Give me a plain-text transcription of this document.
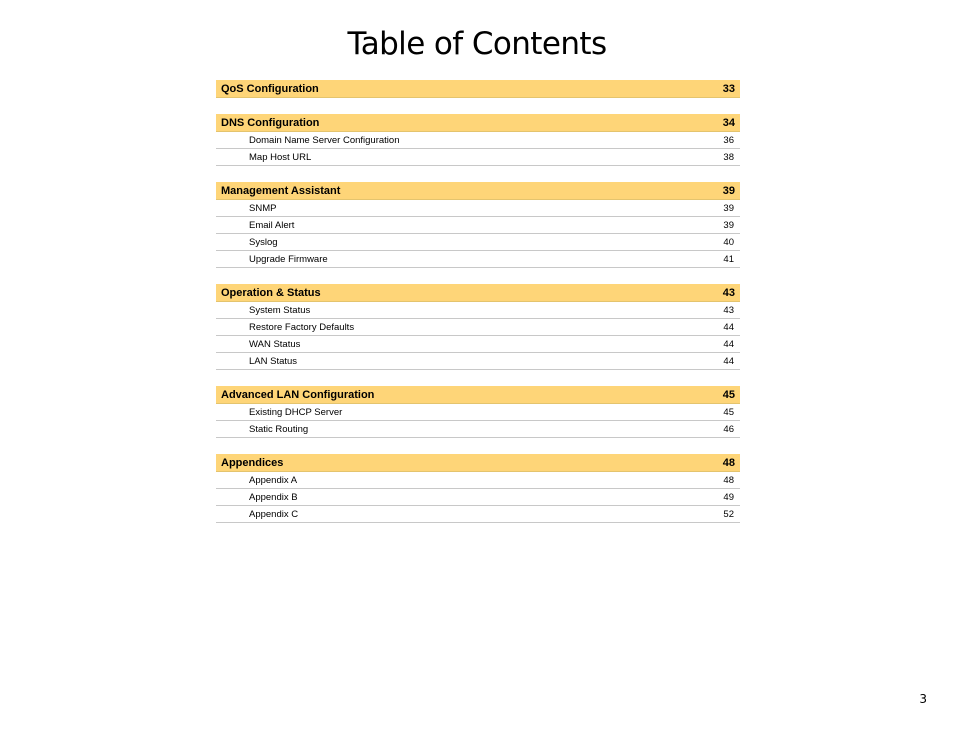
Table of Contents
QoS Configuration	33
DNS Configuration	34
Domain Name Server Configuration	36
Map Host URL	38
Management Assistant	39
SNMP	39
Email Alert	39
Syslog	40
Upgrade Firmware	41
Operation & Status	43
System Status	43
Restore Factory Defaults	44
WAN Status	44
LAN Status	44
Advanced LAN Configuration	45
Existing DHCP Server	45
Static Routing	46
Appendices	48
Appendix A	48
Appendix B	49
Appendix C	52
3
